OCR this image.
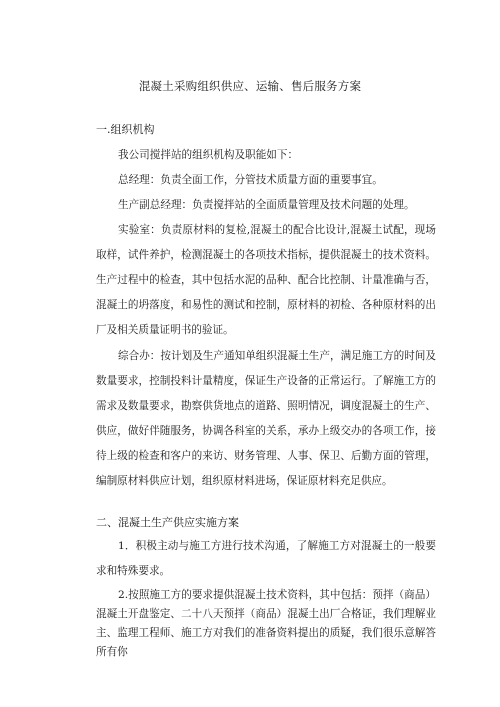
混凝土采购组织供应、运输、售后服务方案
一.组织机构
我公司搅拌站的组织机构及职能如下：
总经理：负责全面工作，分管技术质量方面的重要事宜。
生产副总经理：负责搅拌站的全面质量管理及技术问题的处理。
实验室：负责原材料的复检,混凝土的配合比设计,混凝土试配，现场取样，试件养护，检测混凝土的各项技术指标，提供混凝土的技术资料。生产过程中的检查，其中包括水泥的品种、配合比控制、计量准确与否，混凝土的坍落度，和易性的测试和控制，原材料的初检、各种原材料的出厂及相关质量证明书的验证。
综合办：按计划及生产通知单组织混凝土生产，满足施工方的时间及数量要求，控制投料计量精度，保证生产设备的正常运行。了解施工方的需求及数量要求，勘察供货地点的道路、照明情况，调度混凝土的生产、供应，做好伴随服务，协调各科室的关系，承办上级交办的各项工作，接待上级的检查和客户的来访、财务管理、人事、保卫、后勤方面的管理，编制原材料供应计划，组织原材料进场，保证原材料充足供应。
二、混凝土生产供应实施方案
1．积极主动与施工方进行技术沟通，了解施工方对混凝土的一般要求和特殊要求。
2.按照施工方的要求提供混凝土技术资料，其中包括：预拌（商品）混凝土开盘鉴定、二十八天预拌（商品）混凝土出厂合格证，我们理解业主、监理工程师、施工方对我们的准备资料提出的质疑，我们很乐意解答所有你
